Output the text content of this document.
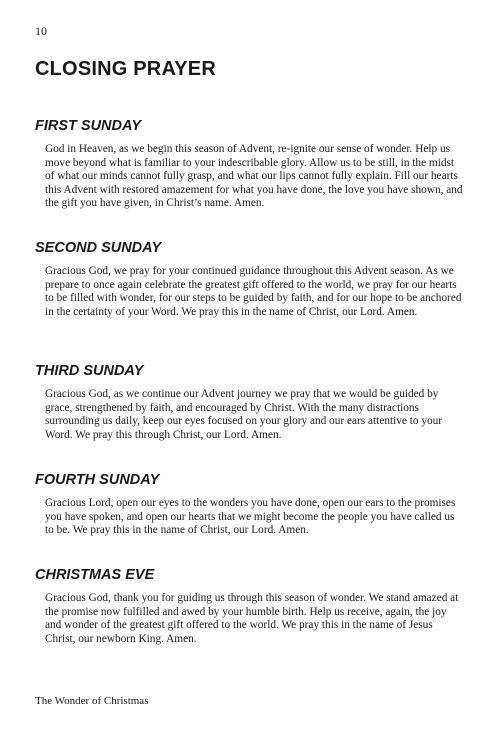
10
CLOSING PRAYER
FIRST SUNDAY

God in Heaven, as we begin this season of Advent, re-ignite our sense of wonder. Help us move beyond what is familiar to your indescribable glory. Allow us to be still, in the midst of what our minds cannot fully grasp, and what our lips cannot fully explain. Fill our hearts this Advent with restored amazement for what you have done, the love you have shown, and the gift you have given, in Christ’s name. Amen.

SECOND SUNDAY

Gracious God, we pray for your continued guidance throughout this Advent season. As we prepare to once again celebrate the greatest gift offered to the world, we pray for our hearts to be filled with wonder, for our steps to be guided by faith, and for our hope to be anchored in the certainty of your Word. We pray this in the name of Christ, our Lord. Amen.

THIRD SUNDAY

Gracious God, as we continue our Advent journey we pray that we would be guided by grace, strengthened by faith, and encouraged by Christ. With the many distractions surrounding us daily, keep our eyes focused on your glory and our ears attentive to your Word. We pray this through Christ, our Lord. Amen.

FOURTH SUNDAY

Gracious Lord, open our eyes to the wonders you have done, open our ears to the promises you have spoken, and open our hearts that we might become the people you have called us to be. We pray this in the name of Christ, our Lord. Amen.

CHRISTMAS EVE

Gracious God, thank you for guiding us through this season of wonder. We stand amazed at the promise now fulfilled and awed by your humble birth. Help us receive, again, the joy and wonder of the greatest gift offered to the world. We pray this in the name of Jesus Christ, our newborn King. Amen.

The Wonder of Christmas
